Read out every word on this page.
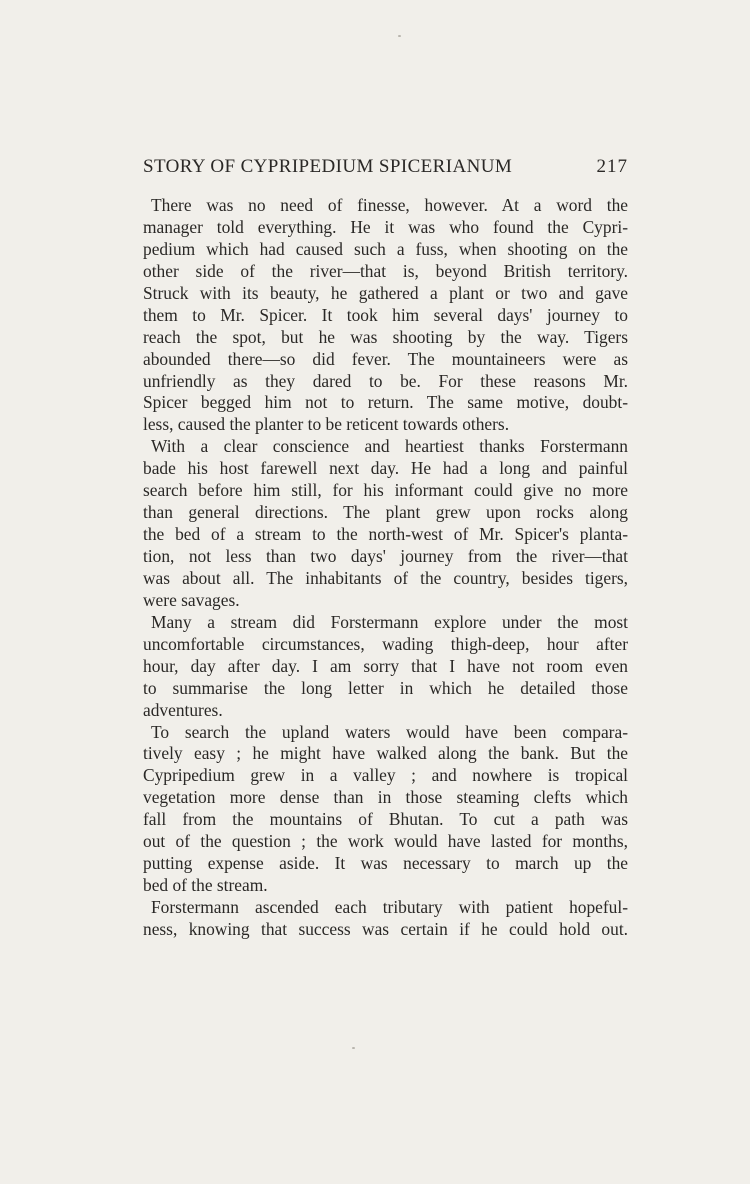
STORY OF CYPRIPEDIUM SPICERIANUM	217
There was no need of finesse, however. At a word the
manager told everything. He it was who found the Cypri-
pedium which had caused such a fuss, when shooting on the
other side of the river—that is, beyond British territory.
Struck with its beauty, he gathered a plant or two and gave
them to Mr. Spicer. It took him several days' journey to
reach the spot, but he was shooting by the way. Tigers
abounded there—so did fever. The mountaineers were as
unfriendly as they dared to be. For these reasons Mr.
Spicer begged him not to return. The same motive, doubt-
less, caused the planter to be reticent towards others.
With a clear conscience and heartiest thanks Forstermann
bade his host farewell next day. He had a long and painful
search before him still, for his informant could give no more
than general directions. The plant grew upon rocks along
the bed of a stream to the north-west of Mr. Spicer's planta-
tion, not less than two days' journey from the river—that
was about all. The inhabitants of the country, besides tigers,
were savages.
Many a stream did Forstermann explore under the most
uncomfortable circumstances, wading thigh-deep, hour after
hour, day after day. I am sorry that I have not room even
to summarise the long letter in which he detailed those
adventures.
To search the upland waters would have been compara-
tively easy ; he might have walked along the bank. But the
Cypripedium grew in a valley ; and nowhere is tropical
vegetation more dense than in those steaming clefts which
fall from the mountains of Bhutan. To cut a path was
out of the question ; the work would have lasted for months,
putting expense aside. It was necessary to march up the
bed of the stream.
Forstermann ascended each tributary with patient hopeful-
ness, knowing that success was certain if he could hold out.
